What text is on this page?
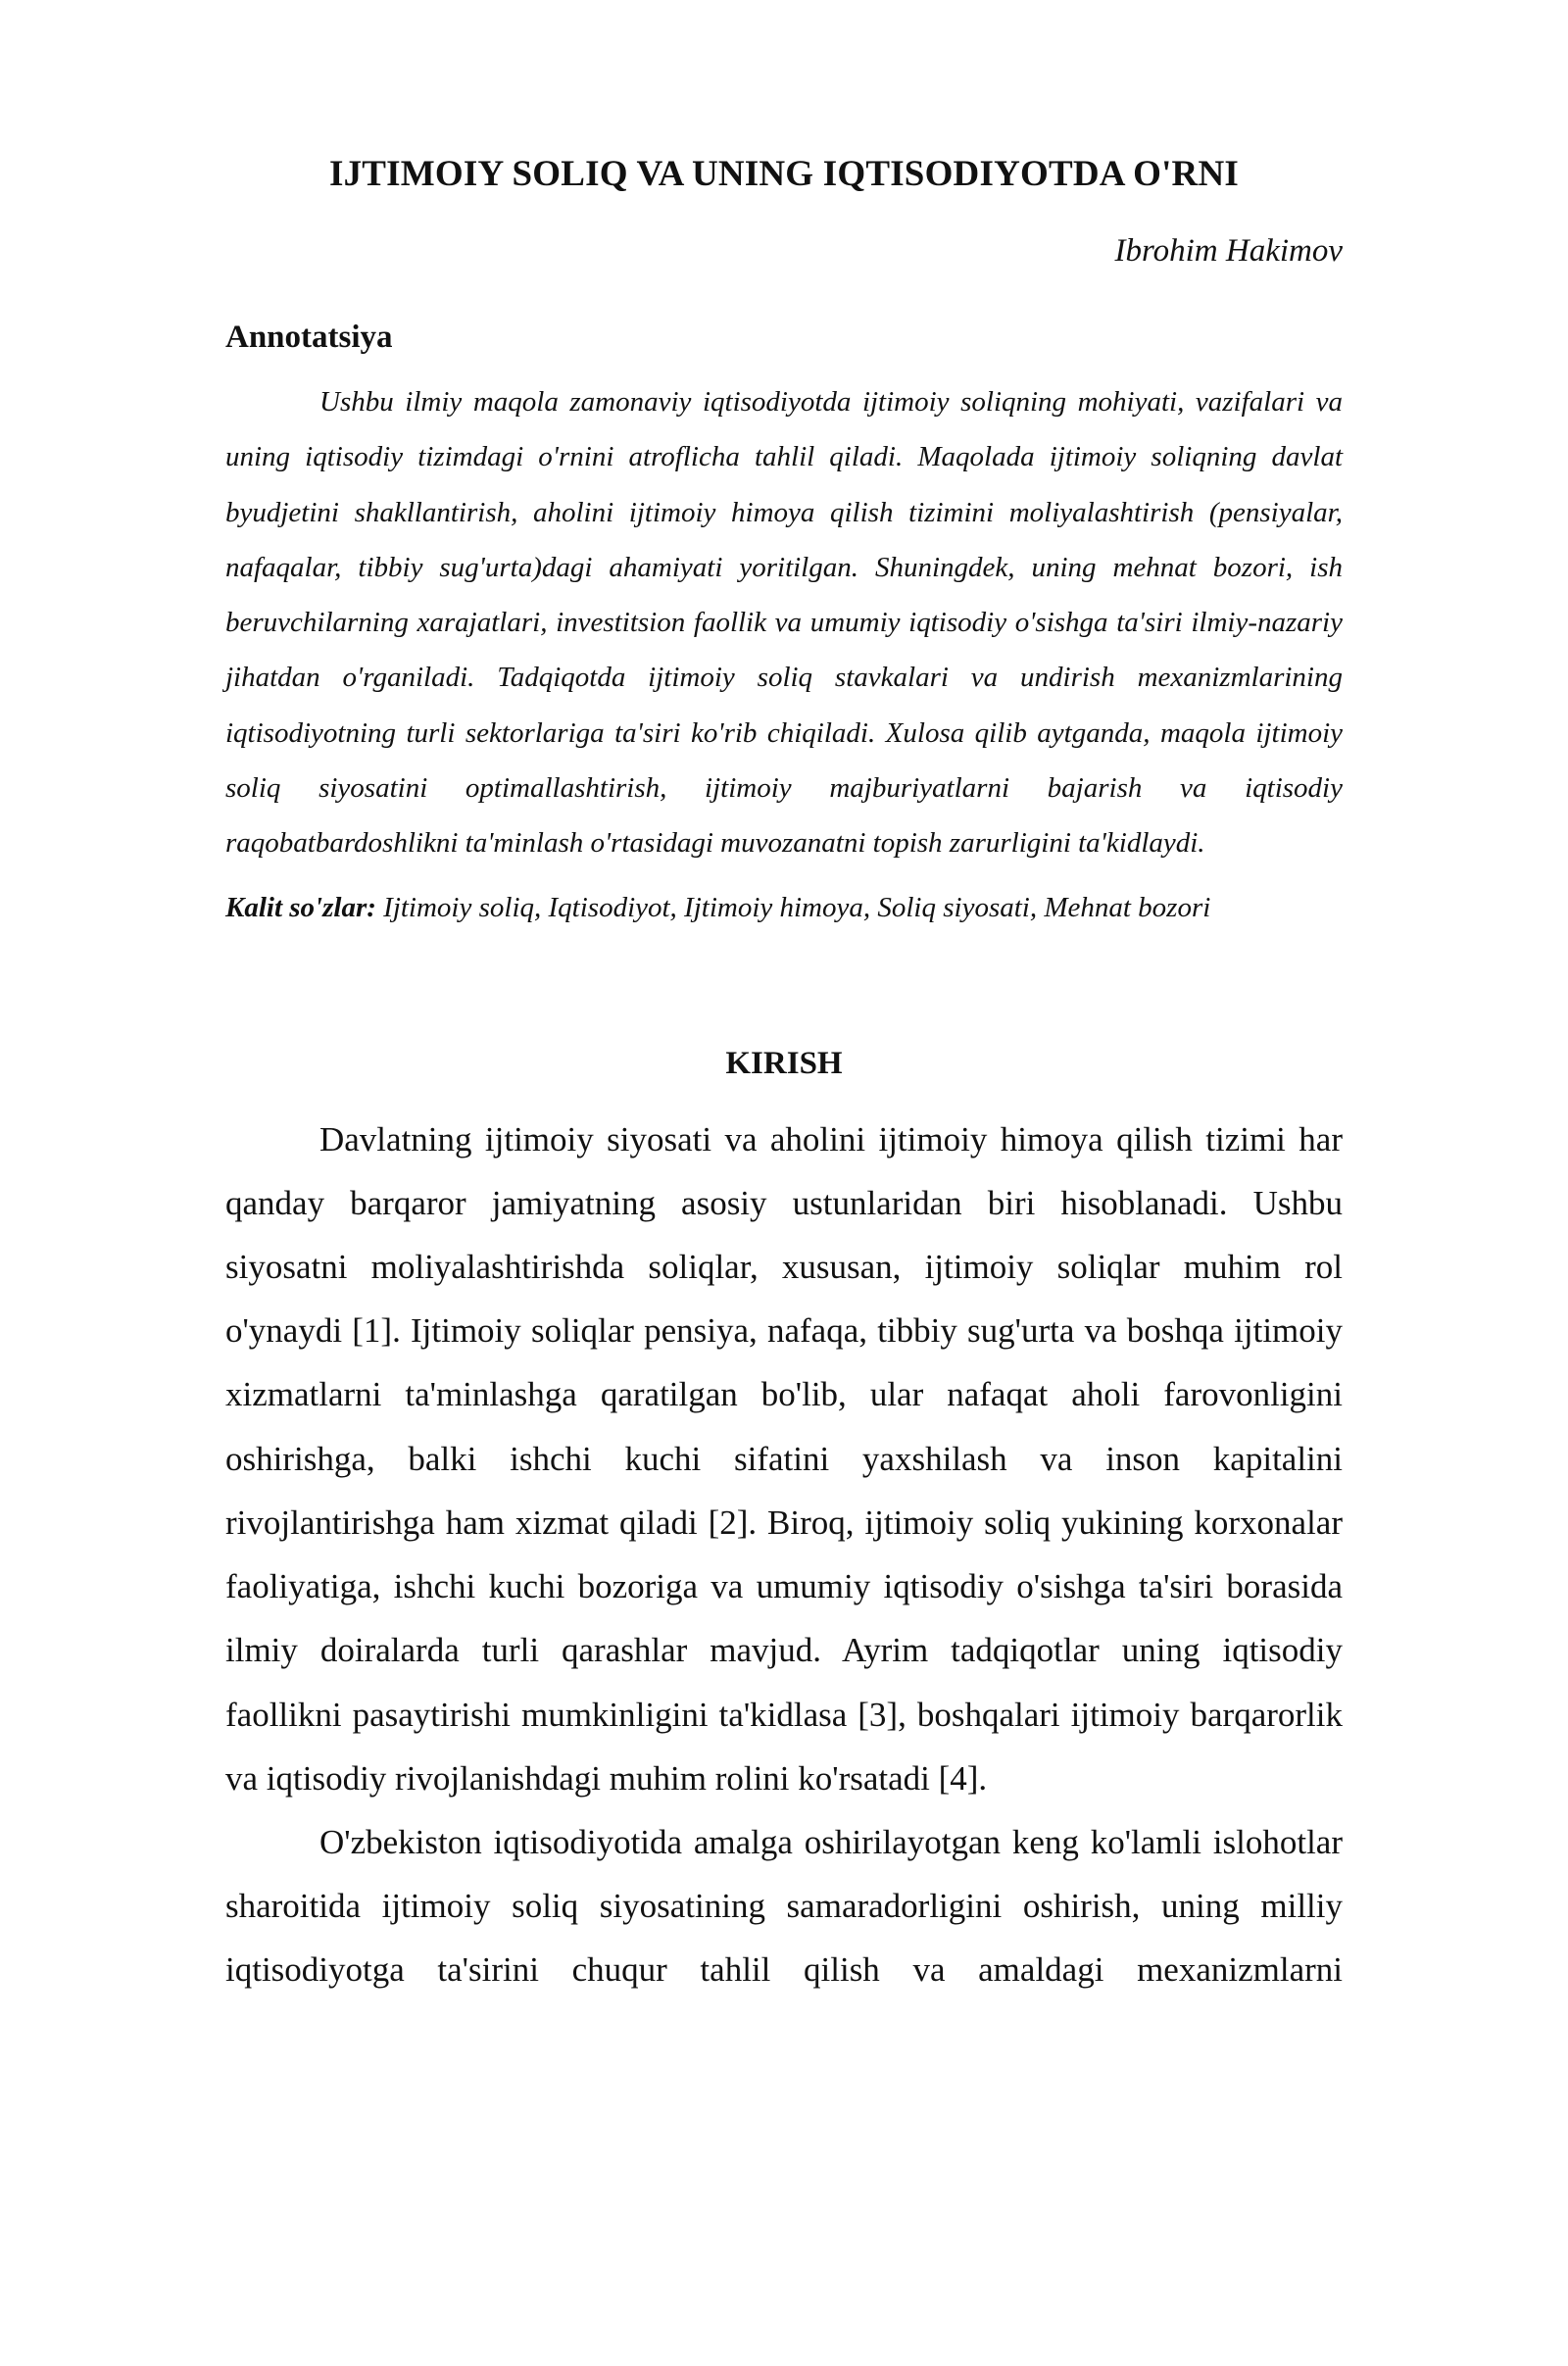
IJTIMOIY SOLIQ VA UNING IQTISODIYOTDA O'RNI
Ibrohim Hakimov
Annotatsiya

Ushbu ilmiy maqola zamonaviy iqtisodiyotda ijtimoiy soliqning mohiyati, vazifalari va uning iqtisodiy tizimdagi o'rnini atroflicha tahlil qiladi. Maqolada ijtimoiy soliqning davlat byudjetini shakllantirish, aholini ijtimoiy himoya qilish tizimini moliyalashtirish (pensiyalar, nafaqalar, tibbiy sug'urta)dagi ahamiyati yoritilgan. Shuningdek, uning mehnat bozori, ish beruvchilarning xarajatlari, investitsion faollik va umumiy iqtisodiy o'sishga ta'siri ilmiy-nazariy jihatdan o'rganiladi. Tadqiqotda ijtimoiy soliq stavkalari va undirish mexanizmlarining iqtisodiyotning turli sektorlariga ta'siri ko'rib chiqiladi. Xulosa qilib aytganda, maqola ijtimoiy soliq siyosatini optimallashtirish, ijtimoiy majburiyatlarni bajarish va iqtisodiy raqobatbardoshlikni ta'minlash o'rtasidagi muvozanatni topish zarurligini ta'kidlaydi.

Kalit so'zlar: Ijtimoiy soliq, Iqtisodiyot, Ijtimoiy himoya, Soliq siyosati, Mehnat bozori
KIRISH

Davlatning ijtimoiy siyosati va aholini ijtimoiy himoya qilish tizimi har qanday barqaror jamiyatning asosiy ustunlaridan biri hisoblanadi. Ushbu siyosatni moliyalashtirishda soliqlar, xususan, ijtimoiy soliqlar muhim rol o'ynaydi [1]. Ijtimoiy soliqlar pensiya, nafaqa, tibbiy sug'urta va boshqa ijtimoiy xizmatlarni ta'minlashga qaratilgan bo'lib, ular nafaqat aholi farovonligini oshirishga, balki ishchi kuchi sifatini yaxshilash va inson kapitalini rivojlantirishga ham xizmat qiladi [2]. Biroq, ijtimoiy soliq yukining korxonalar faoliyatiga, ishchi kuchi bozoriga va umumiy iqtisodiy o'sishga ta'siri borasida ilmiy doiralarda turli qarashlar mavjud. Ayrim tadqiqotlar uning iqtisodiy faollikni pasaytirishi mumkinligini ta'kidlasa [3], boshqalari ijtimoiy barqarorlik va iqtisodiy rivojlanishdagi muhim rolini ko'rsatadi [4].

O'zbekiston iqtisodiyotida amalga oshirilayotgan keng ko'lamli islohotlar sharoitida ijtimoiy soliq siyosatining samaradorligini oshirish, uning milliy iqtisodiyotga ta'sirini chuqur tahlil qilish va amaldagi mexanizmlarni
